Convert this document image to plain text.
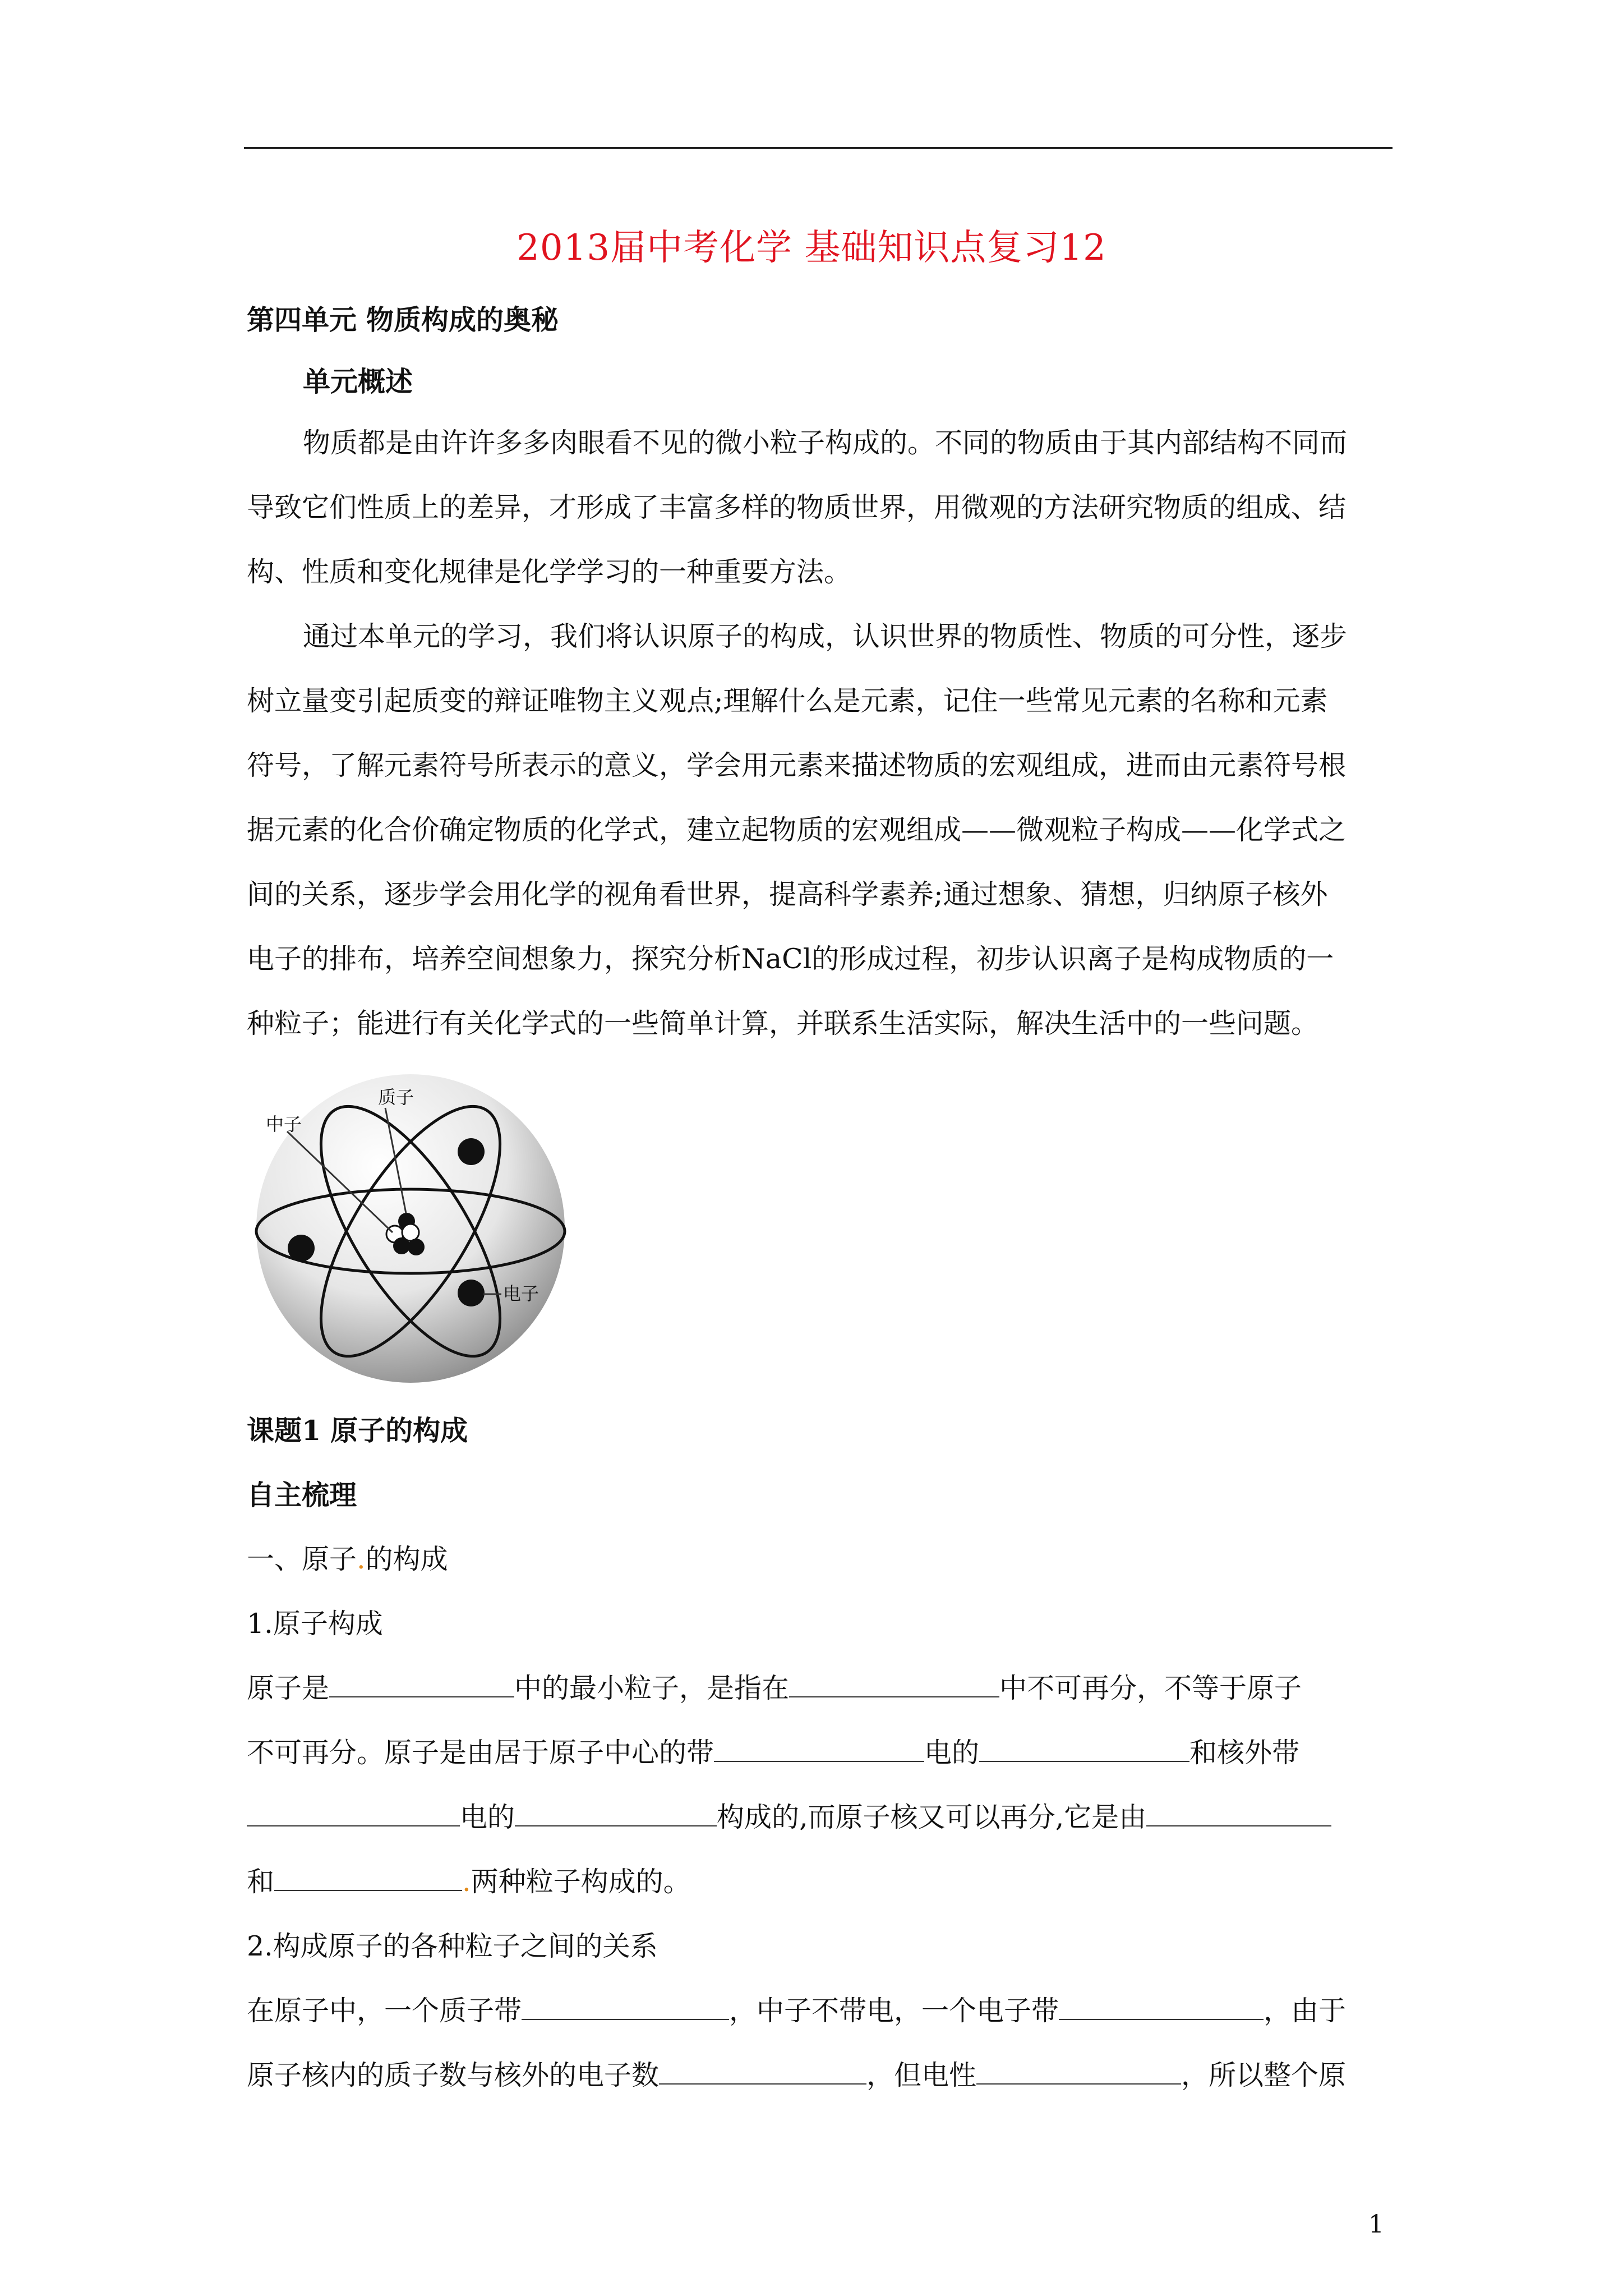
2013届中考化学 基础知识点复习12
第四单元 物质构成的奥秘
单元概述
物质都是由许许多多肉眼看不见的微小粒子构成的。不同的物质由于其内部结构不同而
导致它们性质上的差异，才形成了丰富多样的物质世界，用微观的方法研究物质的组成、结
构、性质和变化规律是化学学习的一种重要方法。
通过本单元的学习，我们将认识原子的构成，认识世界的物质性、物质的可分性，逐步
树立量变引起质变的辩证唯物主义观点;理解什么是元素，记住一些常见元素的名称和元素
符号，了解元素符号所表示的意义，学会用元素来描述物质的宏观组成，进而由元素符号根
据元素的化合价确定物质的化学式，建立起物质的宏观组成——微观粒子构成——化学式之
间的关系，逐步学会用化学的视角看世界，提高科学素养;通过想象、猜想，归纳原子核外
电子的排布，培养空间想象力，探究分析NaCl的形成过程，初步认识离子是构成物质的一
种粒子；能进行有关化学式的一些简单计算，并联系生活实际，解决生活中的一些问题。
质子
中子
电子
课题1 原子的构成
自主梳理
一、原子.的构成
1.原子构成
原子是	中的最小粒子，是指在	中不可再分，不等于原子
不可再分。原子是由居于原子中心的带	电的	和核外带
电的	构成的,而原子核又可以再分,它是由
和	.两种粒子构成的。
2.构成原子的各种粒子之间的关系
在原子中，一个质子带	，中子不带电，一个电子带	，由于
原子核内的质子数与核外的电子数	，但电性	，所以整个原
1
